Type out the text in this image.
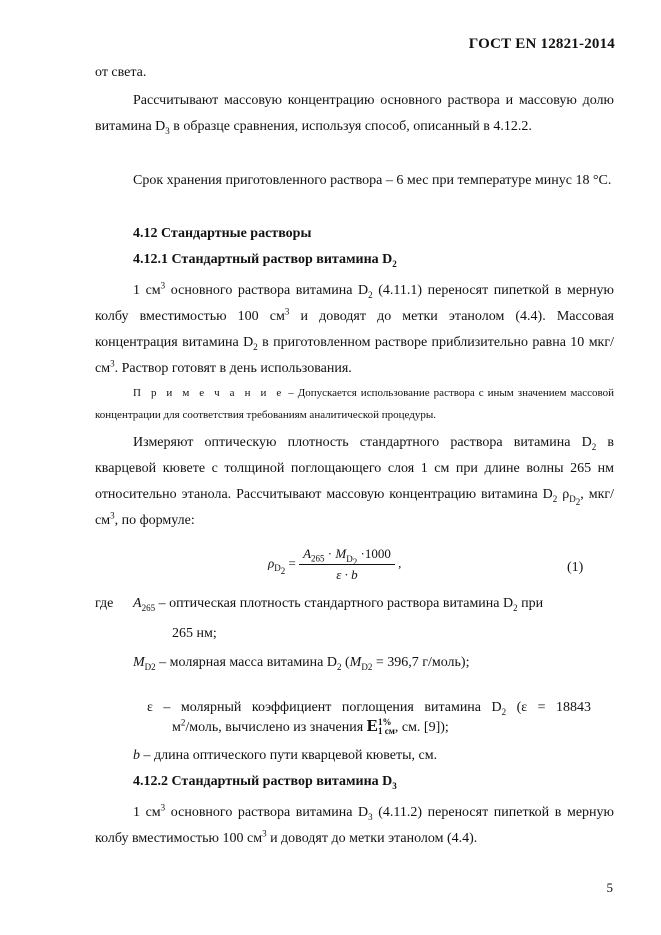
ГОСТ EN 12821-2014
от света.
Рассчитывают массовую концентрацию основного раствора и массовую долю витамина $D_3$ в образце сравнения, используя способ, описанный в 4.12.2.
Срок хранения приготовленного раствора – 6 мес при температуре минус 18 °С.
4.12 Стандартные растворы
4.12.1 Стандартный раствор витамина $D_2$
1 $см^3$ основного раствора витамина $D_2$ (4.11.1) переносят пипеткой в мерную колбу вместимостью 100 $см^3$ и доводят до метки этанолом (4.4). Массовая концентрация витамина $D_2$ в приготовленном растворе приблизительно равна 10 мкг/$см^3$. Раствор готовят в день использования.
П р и м е ч а н и е – Допускается использование раствора с иным значением массовой концентрации для соответствия требованиям аналитической процедуры.
Измеряют оптическую плотность стандартного раствора витамина $D_2$ в кварцевой кювете с толщиной поглощающего слоя 1 см при длине волны 265 нм относительно этанола. Рассчитывают массовую концентрацию витамина $D_2$ $\rho_{D_2}$, мкг/$см^3$, по формуле:
$\rho_{D_2} = \frac{A_{265} \cdot M_{D_2} \cdot 1000}{\varepsilon \cdot b}$ ,	(1)
где $A_{265}$ – оптическая плотность стандартного раствора витамина $D_2$ при
265 нм;
$M_{D2}$ – молярная масса витамина $D_2$ ($M_{D2} = 396,7$ г/моль);

ε   –   молярный   коэффициент   поглощения   витамина   $D_2$   (ε   =   18843

$м^2$/моль, вычислено из значения E 1%
1 см , см. [9]);
b – длина оптического пути кварцевой кюветы, см.
4.12.2 Стандартный раствор витамина $D_3$
1 $см^3$ основного раствора витамина $D_3$ (4.11.2) переносят пипеткой в мерную колбу вместимостью 100 $см^3$ и доводят до метки этанолом (4.4).
5
